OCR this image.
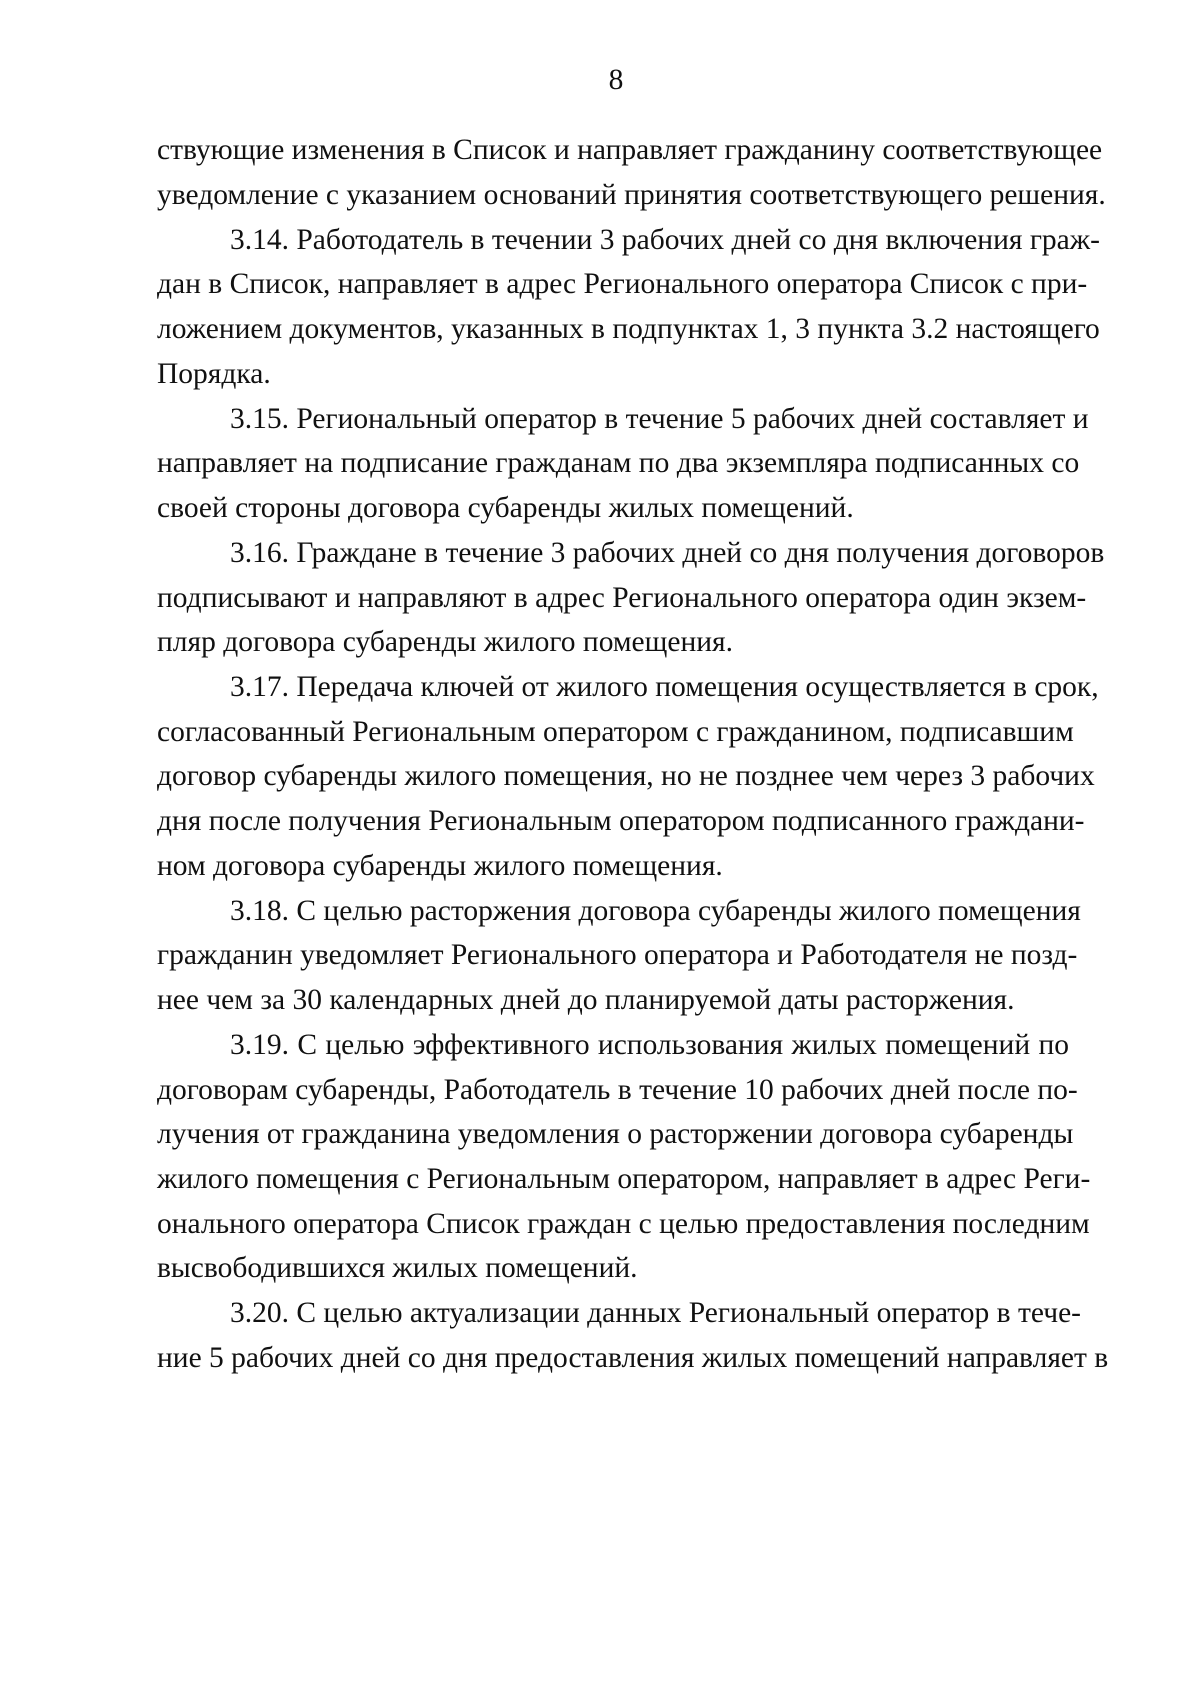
8
ствующие изменения в Список и направляет гражданину соответствующее
уведомление с указанием оснований принятия соответствующего решения.
3.14. Работодатель в течении 3 рабочих дней со дня включения граж-
дан в Список, направляет в адрес Регионального оператора Список с при-
ложением документов, указанных в подпунктах 1, 3 пункта 3.2 настоящего
Порядка.
3.15. Региональный оператор в течение 5 рабочих дней составляет и
направляет на подписание гражданам по два экземпляра подписанных со
своей стороны договора субаренды жилых помещений.
3.16. Граждане в течение 3 рабочих дней со дня получения договоров
подписывают и направляют в адрес Регионального оператора один экзем-
пляр договора субаренды жилого помещения.
3.17. Передача ключей от жилого помещения осуществляется в срок,
согласованный Региональным оператором с гражданином, подписавшим
договор субаренды жилого помещения, но не позднее чем через 3 рабочих
дня после получения Региональным оператором подписанного граждани-
ном договора субаренды жилого помещения.
3.18. С целью расторжения договора субаренды жилого помещения
гражданин уведомляет Регионального оператора и Работодателя не позд-
нее чем за 30 календарных дней до планируемой даты расторжения.
3.19. С целью эффективного использования жилых помещений по
договорам субаренды, Работодатель в течение 10 рабочих дней после по-
лучения от гражданина уведомления о расторжении договора субаренды
жилого помещения с Региональным оператором, направляет в адрес Реги-
онального оператора Список граждан с целью предоставления последним
высвободившихся жилых помещений.
3.20. С целью актуализации данных Региональный оператор в тече-
ние 5 рабочих дней со дня предоставления жилых помещений направляет в
